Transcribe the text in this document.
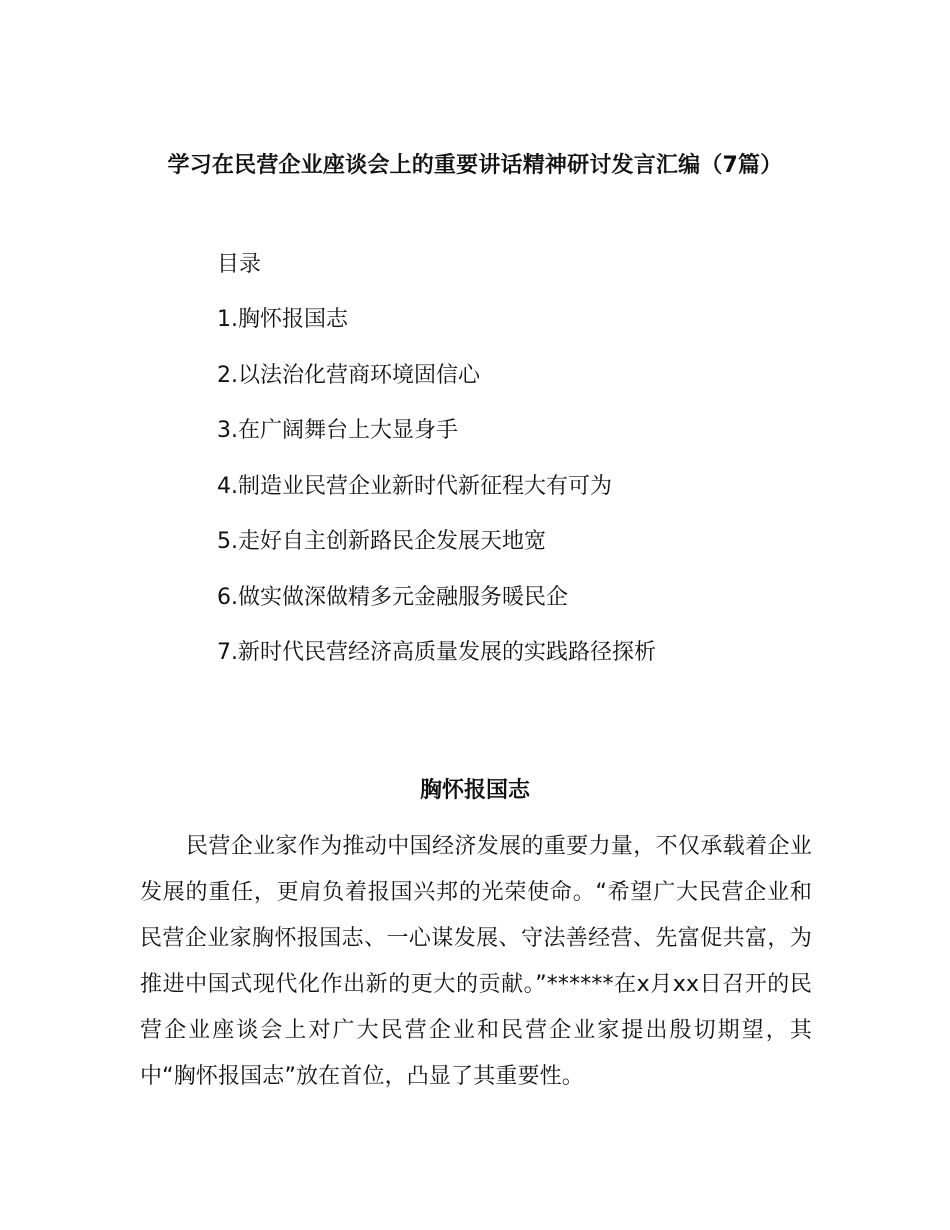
学习在民营企业座谈会上的重要讲话精神研讨发言汇编（7篇）
目录
1.胸怀报国志
2.以法治化营商环境固信心
3.在广阔舞台上大显身手
4.制造业民营企业新时代新征程大有可为
5.走好自主创新路民企发展天地宽
6.做实做深做精多元金融服务暖民企
7.新时代民营经济高质量发展的实践路径探析
胸怀报国志

民营企业家作为推动中国经济发展的重要力量，不仅承载着企业发展的重任，更肩负着报国兴邦的光荣使命。“希望广大民营企业和民营企业家胸怀报国志、一心谋发展、守法善经营、先富促共富，为推进中国式现代化作出新的更大的贡献。”******在x月xx日召开的民营企业座谈会上对广大民营企业和民营企业家提出殷切期望，其中“胸怀报国志”放在首位，凸显了其重要性。
